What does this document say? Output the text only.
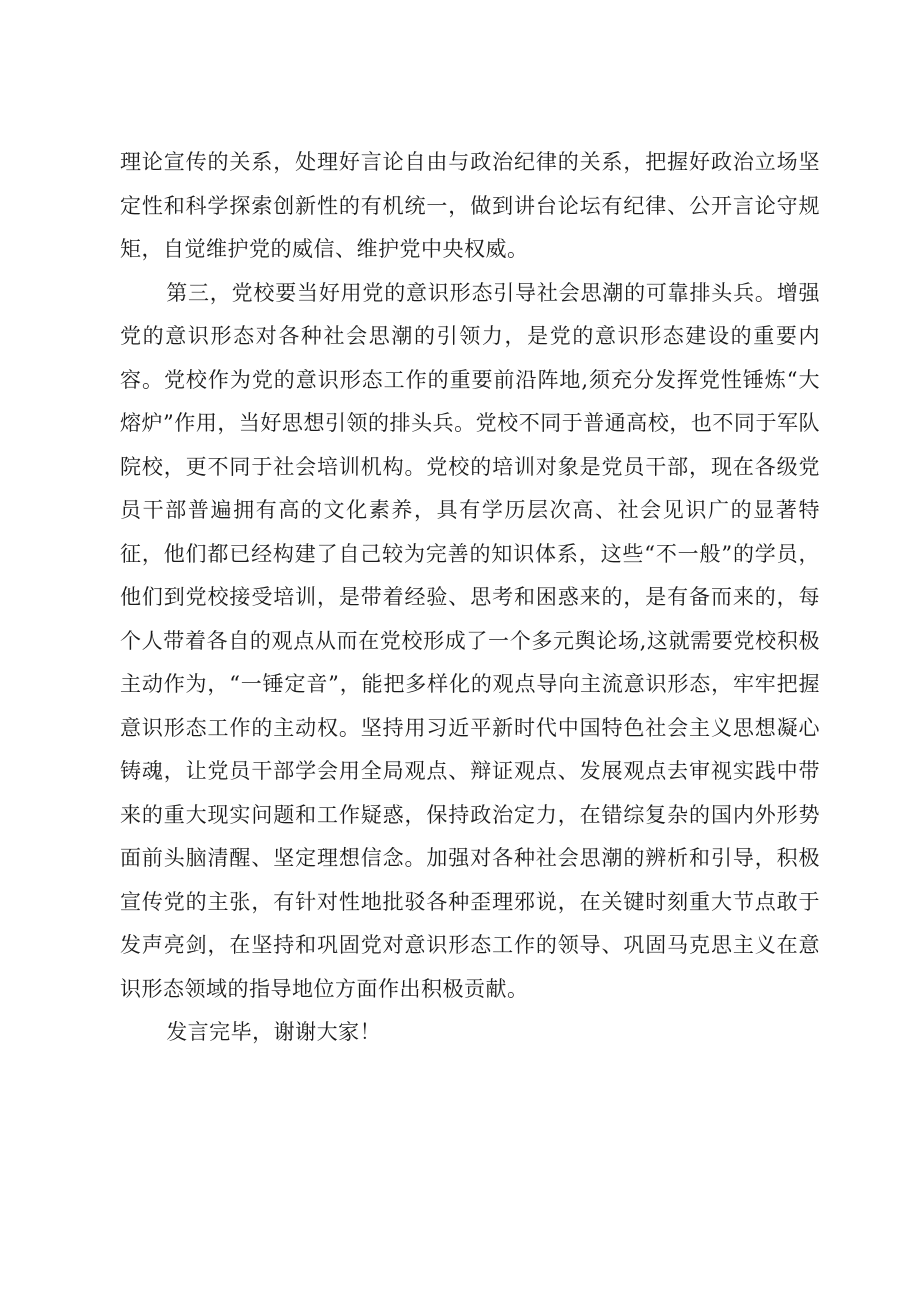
理论宣传的关系，处理好言论自由与政治纪律的关系，把握好政治立场坚定性和科学探索创新性的有机统一，做到讲台论坛有纪律、公开言论守规矩，自觉维护党的威信、维护党中央权威。

第三，党校要当好用党的意识形态引导社会思潮的可靠排头兵。增强党的意识形态对各种社会思潮的引领力，是党的意识形态建设的重要内容。党校作为党的意识形态工作的重要前沿阵地,须充分发挥党性锤炼“大熔炉”作用，当好思想引领的排头兵。党校不同于普通高校，也不同于军队院校，更不同于社会培训机构。党校的培训对象是党员干部，现在各级党员干部普遍拥有高的文化素养，具有学历层次高、社会见识广的显著特征，他们都已经构建了自己较为完善的知识体系，这些“不一般”的学员，他们到党校接受培训，是带着经验、思考和困惑来的，是有备而来的，每个人带着各自的观点从而在党校形成了一个多元舆论场,这就需要党校积极主动作为，“一锤定音”，能把多样化的观点导向主流意识形态，牢牢把握意识形态工作的主动权。坚持用习近平新时代中国特色社会主义思想凝心铸魂，让党员干部学会用全局观点、辩证观点、发展观点去审视实践中带来的重大现实问题和工作疑惑，保持政治定力，在错综复杂的国内外形势面前头脑清醒、坚定理想信念。加强对各种社会思潮的辨析和引导，积极宣传党的主张，有针对性地批驳各种歪理邪说，在关键时刻重大节点敢于发声亮剑，在坚持和巩固党对意识形态工作的领导、巩固马克思主义在意识形态领域的指导地位方面作出积极贡献。

发言完毕，谢谢大家！
